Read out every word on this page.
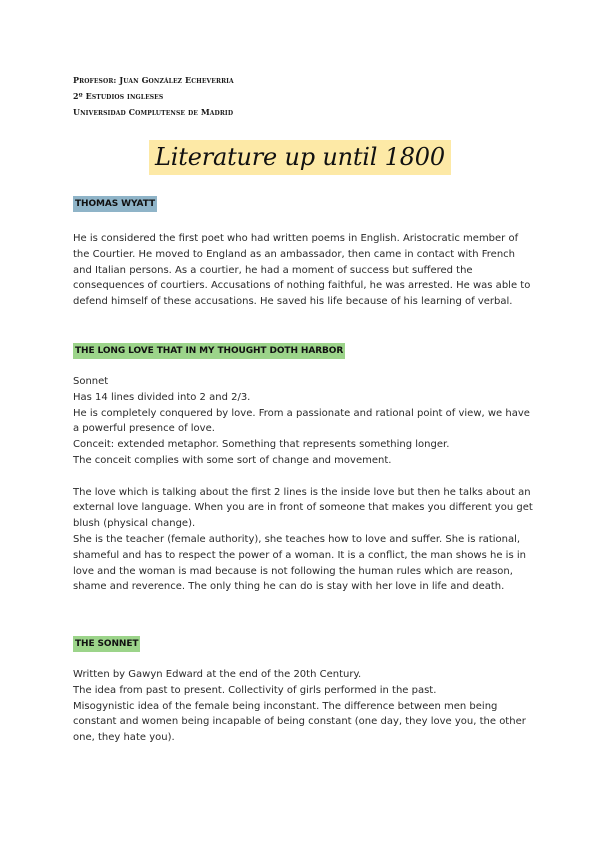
Profesor: Juan González Echeverria
2º Estudios ingleses
Universidad Complutense de Madrid
Literature up until 1800
THOMAS WYATT

He is considered the first poet who had written poems in English. Aristocratic member of the Courtier. He moved to England as an ambassador, then came in contact with French and Italian persons. As a courtier, he had a moment of success but suffered the consequences of courtiers. Accusations of nothing faithful, he was arrested. He was able to defend himself of these accusations. He saved his life because of his learning of verbal.

THE LONG LOVE THAT IN MY THOUGHT DOTH HARBOR

Sonnet

Has 14 lines divided into 2 and 2/3.

He is completely conquered by love. From a passionate and rational point of view, we have a powerful presence of love.

Conceit: extended metaphor. Something that represents something longer.

The conceit complies with some sort of change and movement.

The love which is talking about the first 2 lines is the inside love but then he talks about an external love language. When you are in front of someone that makes you different you get blush (physical change).

She is the teacher (female authority), she teaches how to love and suffer. She is rational, shameful and has to respect the power of a woman. It is a conflict, the man shows he is in love and the woman is mad because is not following the human rules which are reason, shame and reverence. The only thing he can do is stay with her love in life and death.

THE SONNET

Written by Gawyn Edward at the end of the 20th Century.

The idea from past to present. Collectivity of girls performed in the past.

Misogynistic idea of the female being inconstant. The difference between men being constant and women being incapable of being constant (one day, they love you, the other one, they hate you).
